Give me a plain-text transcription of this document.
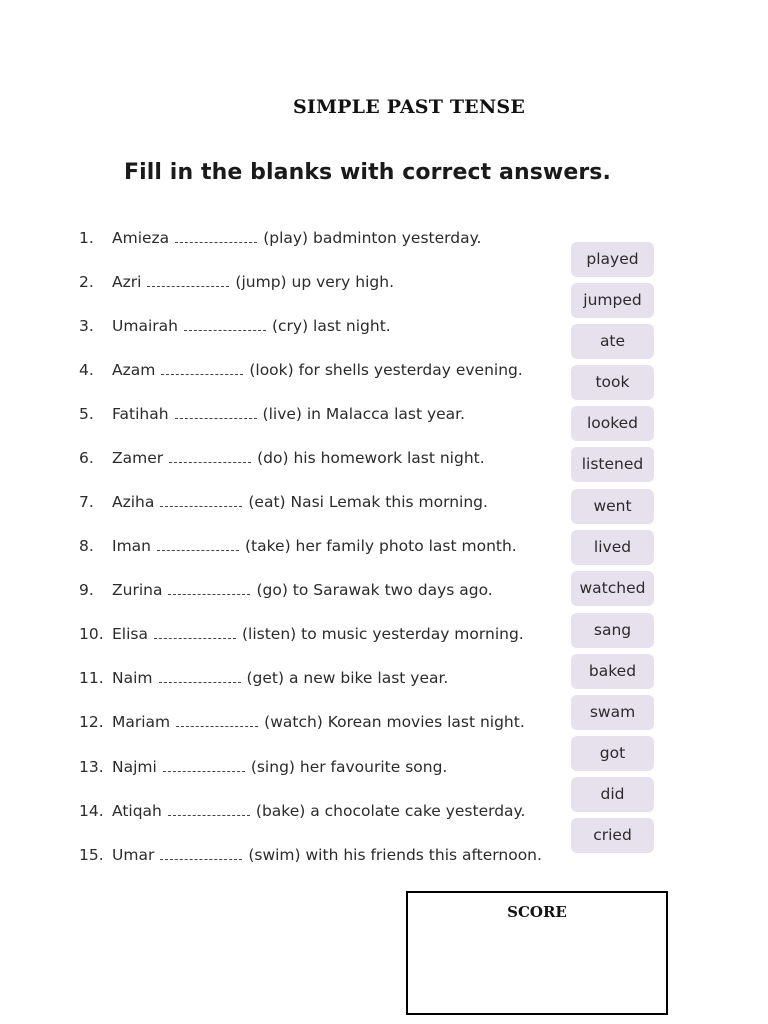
SIMPLE PAST TENSE
Fill in the blanks with correct answers.
1. Amieza	(play) badminton yesterday.
2. Azri	(jump) up very high.
3. Umairah	(cry) last night.
4. Azam	(look) for shells yesterday evening.
5. Fatihah	(live) in Malacca last year.
6. Zamer	(do) his homework last night.
7. Aziha	(eat) Nasi Lemak this morning.
8. Iman	(take) her family photo last month.
9. Zurina	(go) to Sarawak two days ago.
10. Elisa	(listen) to music yesterday morning.
11. Naim	(get) a new bike last year.
12. Mariam	(watch) Korean movies last night.
13. Najmi	(sing) her favourite song.
14. Atiqah	(bake) a chocolate cake yesterday.
15. Umar	(swim) with his friends this afternoon.
played
jumped
ate
took
looked
listened
went
lived
watched
sang
baked
swam
got
did
cried
SCORE
